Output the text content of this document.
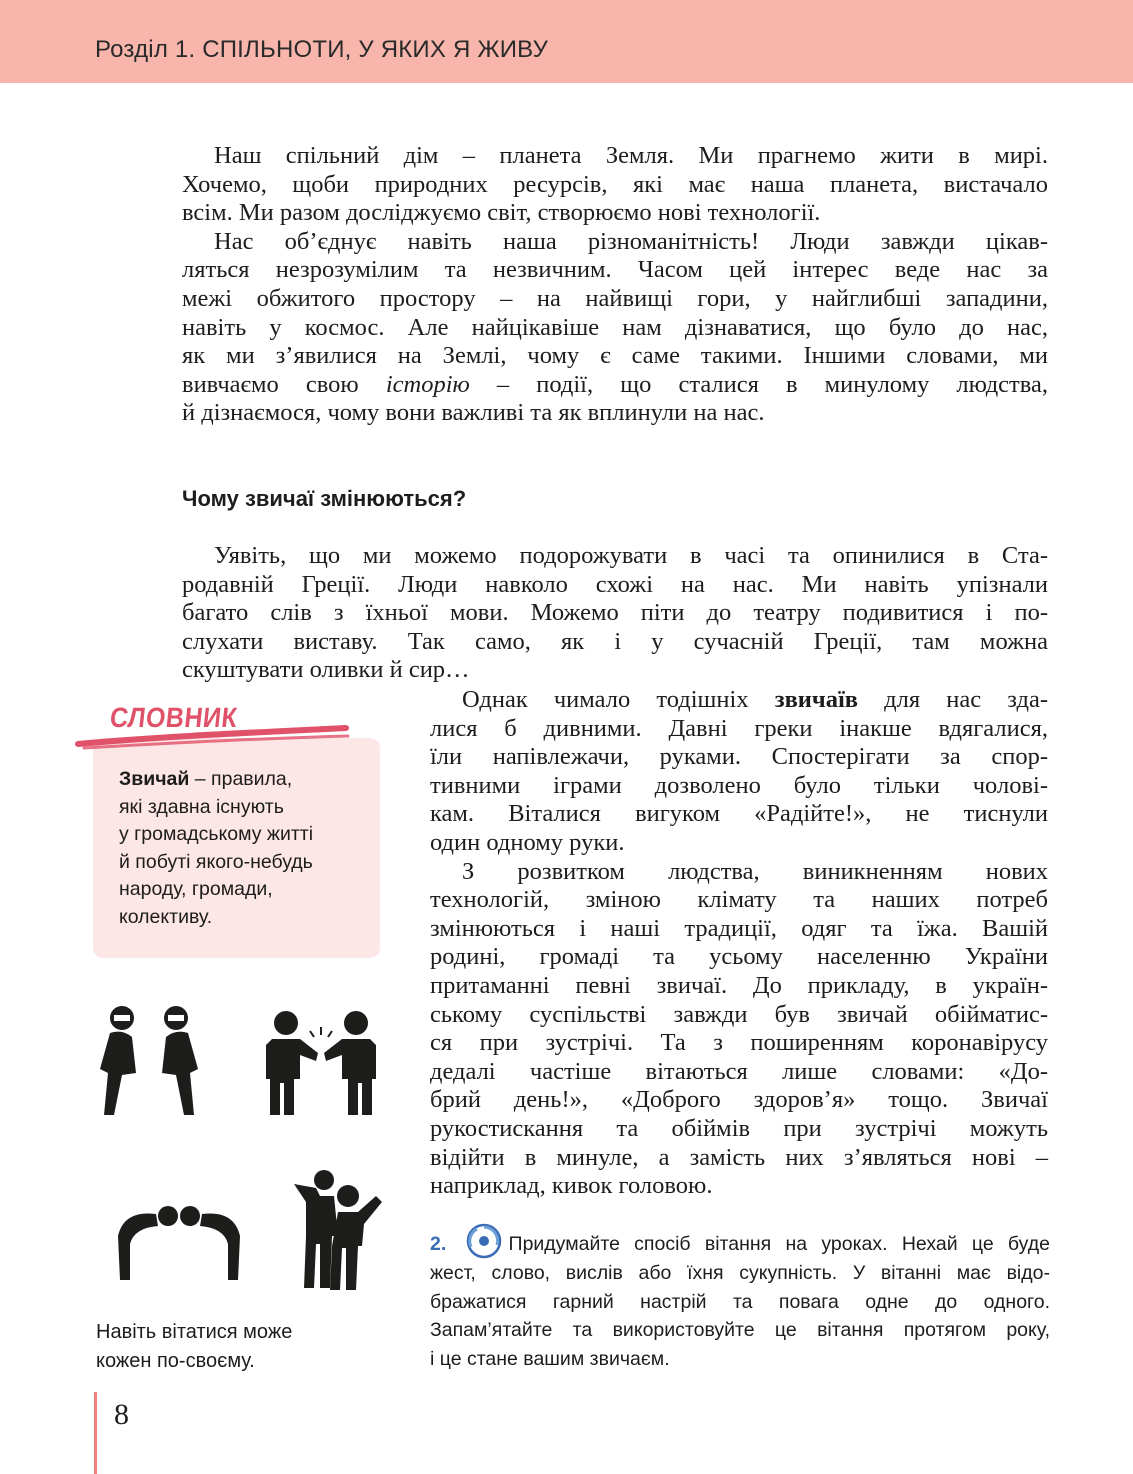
Розділ 1. СПІЛЬНОТИ, У ЯКИХ Я ЖИВУ
Наш спільний дім – планета Земля. Ми прагнемо жити в мирі.
Хочемо, щоби природних ресурсів, які має наша планета, вистачало
всім. Ми разом досліджуємо світ, створюємо нові технології.
Нас об’єднує навіть наша різноманітність! Люди завжди цікав-
ляться незрозумілим та незвичним. Часом цей інтерес веде нас за
межі обжитого простору – на найвищі гори, у найглибші западини,
навіть у космос. Але найцікавіше нам дізнаватися, що було до нас,
як ми з’явилися на Землі, чому є саме такими. Іншими словами, ми
вивчаємо свою історію – події, що сталися в минулому людства,
й дізнаємося, чому вони важливі та як вплинули на нас.
Чому звичаї змінюються?
Уявіть, що ми можемо подорожувати в часі та опинилися в Ста-
родавній Греції. Люди навколо схожі на нас. Ми навіть упізнали
багато слів з їхньої мови. Можемо піти до театру подивитися і по-
слухати виставу. Так само, як і у сучасній Греції, там можна
скуштувати оливки й сир…
Однак чимало тодішніх звичаїв для нас зда-
лися б дивними. Давні греки інакше вдягалися,
їли напівлежачи, руками. Спостерігати за спор-
тивними іграми дозволено було тільки чолові-
кам. Віталися вигуком «Радійте!», не тиснули
один одному руки.
З розвитком людства, виникненням нових
технологій, зміною клімату та наших потреб
змінюються і наші традиції, одяг та їжа. Вашій
родині, громаді та усьому населенню України
притаманні певні звичаї. До прикладу, в україн-
ському суспільстві завжди був звичай обійматис-
ся при зустрічі. Та з поширенням коронавірусу
дедалі частіше вітаються лише словами: «До-
брий день!», «Доброго здоров’я» тощо. Звичаї
рукостискання та обіймів при зустрічі можуть
відійти в минуле, а замість них з’являться нові –
наприклад, кивок головою.
СЛОВНИК
Звичай – правила,
які здавна існують
у громадському житті
й побуті якого-небудь
народу, громади,
колективу.
Навіть вітатися може
кожен по-своєму.
2.	Придумайте спосіб вітання на уроках. Нехай це буде
жест, слово, вислів або їхня сукупність. У вітанні має відо-
бражатися гарний настрій та повага одне до одного.
Запам’ятайте та використовуйте це вітання протягом року,
і це стане вашим звичаєм.
8
